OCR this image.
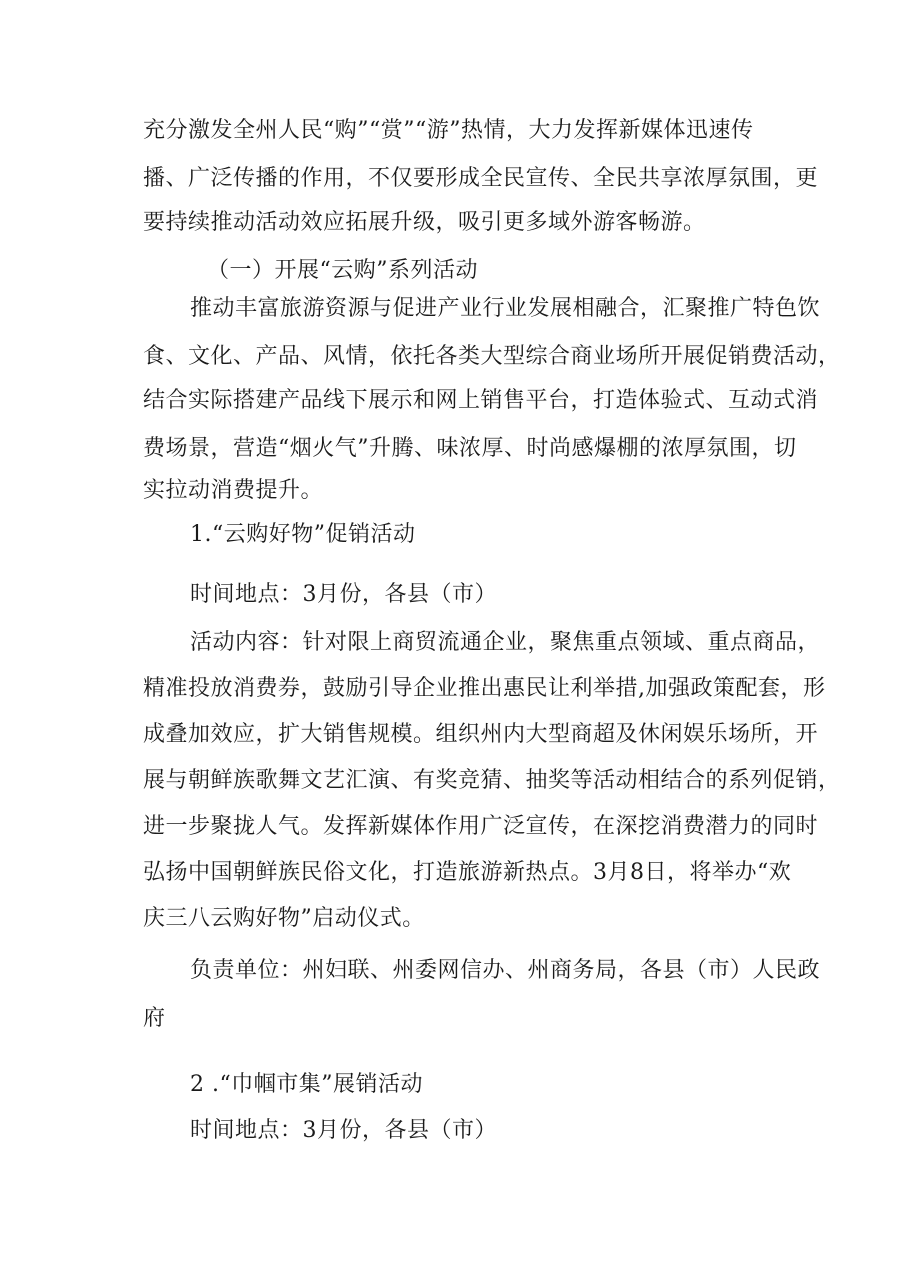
充分激发全州人民“购”“赏”“游”热情，大力发挥新媒体迅速传
播、广泛传播的作用，不仅要形成全民宣传、全民共享浓厚氛围，更
要持续推动活动效应拓展升级，吸引更多域外游客畅游。
（一）开展“云购”系列活动
推动丰富旅游资源与促进产业行业发展相融合，汇聚推广特色饮
食、文化、产品、风情，依托各类大型综合商业场所开展促销费活动，
结合实际搭建产品线下展示和网上销售平台，打造体验式、互动式消
费场景，营造“烟火气”升腾、味浓厚、时尚感爆棚的浓厚氛围，切
实拉动消费提升。
1.“云购好物”促销活动
时间地点：3月份，各县（市）
活动内容：针对限上商贸流通企业，聚焦重点领域、重点商品，
精准投放消费券，鼓励引导企业推出惠民让利举措,加强政策配套，形
成叠加效应，扩大销售规模。组织州内大型商超及休闲娱乐场所，开
展与朝鲜族歌舞文艺汇演、有奖竞猜、抽奖等活动相结合的系列促销，
进一步聚拢人气。发挥新媒体作用广泛宣传，在深挖消费潜力的同时
弘扬中国朝鲜族民俗文化，打造旅游新热点。3月8日，将举办“欢
庆三八云购好物”启动仪式。
负责单位：州妇联、州委网信办、州商务局，各县（市）人民政
府
2 .“巾帼市集”展销活动
时间地点：3月份，各县（市）
